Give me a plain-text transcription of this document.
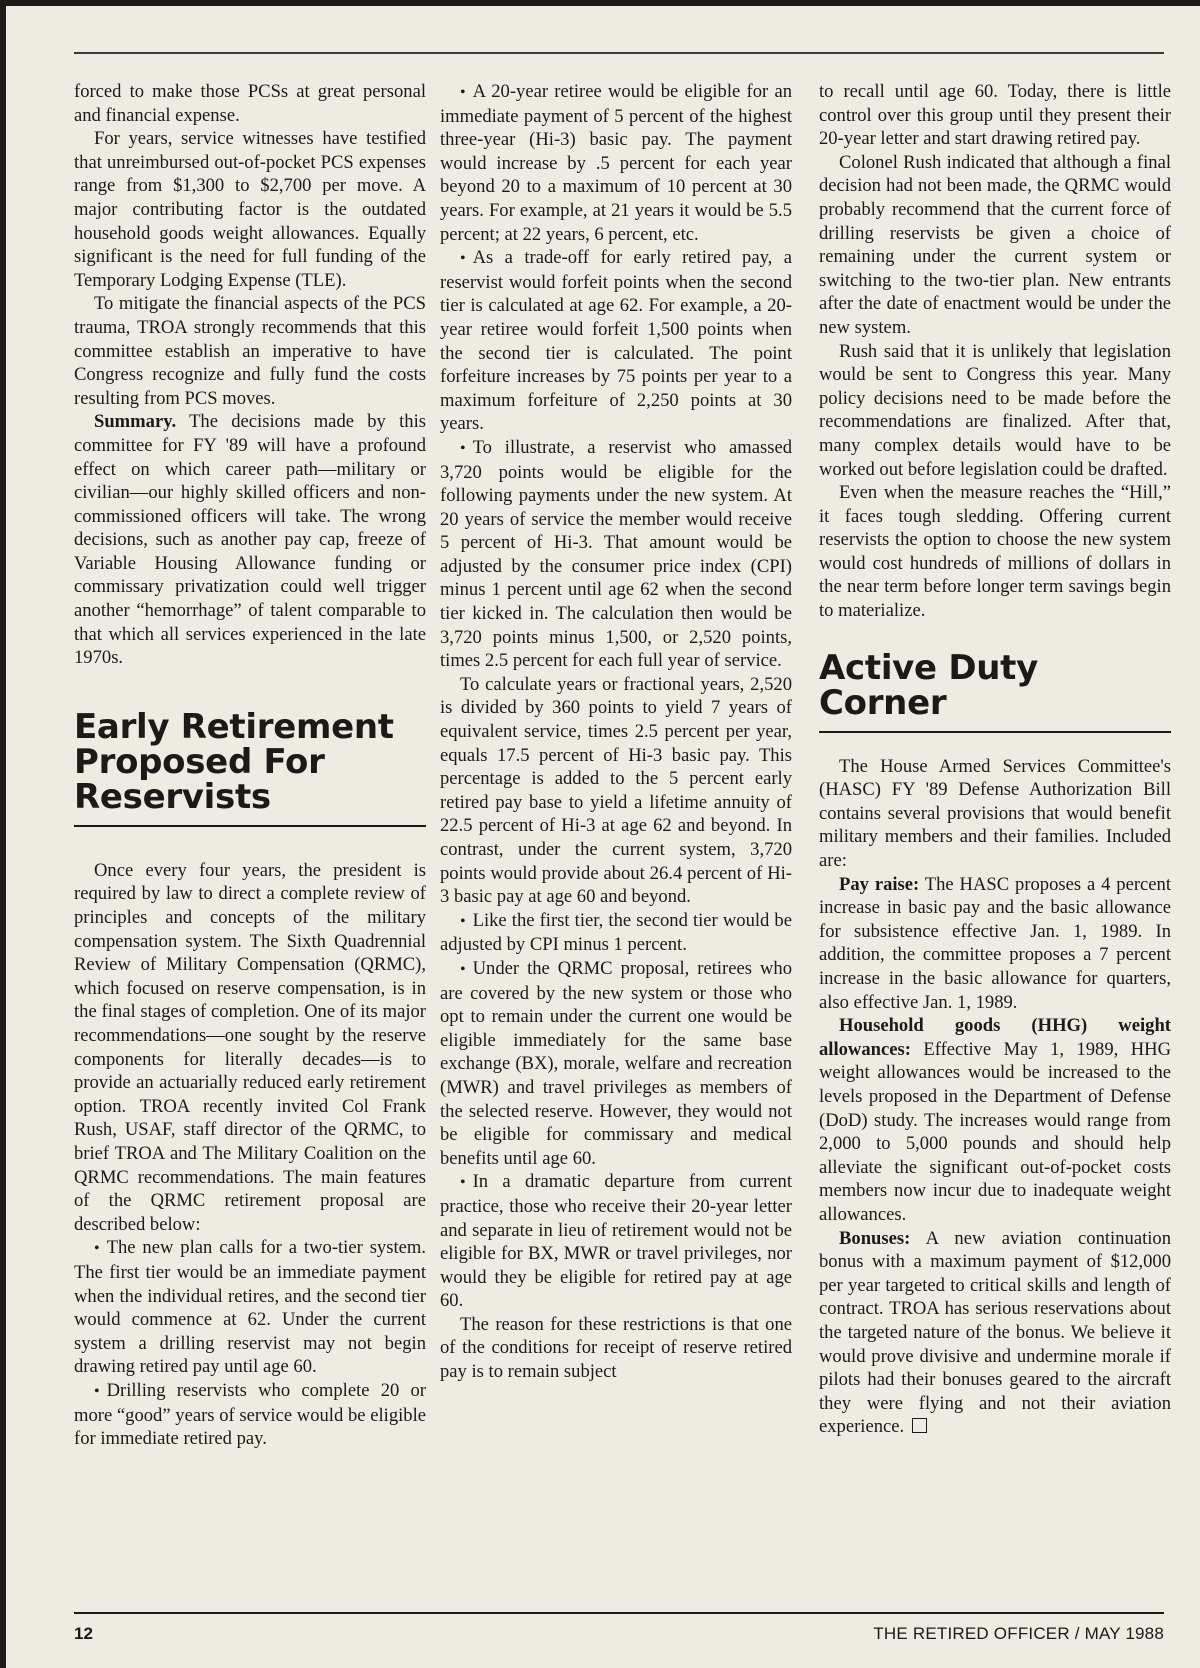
forced to make those PCSs at great personal and financial expense.

For years, service witnesses have testified that unreimbursed out-of-pocket PCS expenses range from $1,300 to $2,700 per move. A major contributing factor is the outdated household goods weight allowances. Equally significant is the need for full funding of the Temporary Lodging Expense (TLE).

To mitigate the financial aspects of the PCS trauma, TROA strongly recommends that this committee establish an imperative to have Congress recognize and fully fund the costs resulting from PCS moves.

Summary. The decisions made by this committee for FY '89 will have a profound effect on which career path—military or civilian—our highly skilled officers and non-commissioned officers will take. The wrong decisions, such as another pay cap, freeze of Variable Housing Allowance funding or commissary privatization could well trigger another “hemorrhage” of talent comparable to that which all services experienced in the late 1970s.

Early Retirement Proposed For Reservists

Once every four years, the president is required by law to direct a complete review of principles and concepts of the military compensation system. The Sixth Quadrennial Review of Military Compensation (QRMC), which focused on reserve compensation, is in the final stages of completion. One of its major recommendations—one sought by the reserve components for literally decades—is to provide an actuarially reduced early retirement option. TROA recently invited Col Frank Rush, USAF, staff director of the QRMC, to brief TROA and The Military Coalition on the QRMC recommendations. The main features of the QRMC retirement proposal are described below:

• The new plan calls for a two-tier system. The first tier would be an immediate payment when the individual retires, and the second tier would commence at 62. Under the current system a drilling reservist may not begin drawing retired pay until age 60.

• Drilling reservists who complete 20 or more “good” years of service would be eligible for immediate retired pay.

• A 20-year retiree would be eligible for an immediate payment of 5 percent of the highest three-year (Hi-3) basic pay. The payment would increase by .5 percent for each year beyond 20 to a maximum of 10 percent at 30 years. For example, at 21 years it would be 5.5 percent; at 22 years, 6 percent, etc.

• As a trade-off for early retired pay, a reservist would forfeit points when the second tier is calculated at age 62. For example, a 20-year retiree would forfeit 1,500 points when the second tier is calculated. The point forfeiture increases by 75 points per year to a maximum forfeiture of 2,250 points at 30 years.

• To illustrate, a reservist who amassed 3,720 points would be eligible for the following payments under the new system. At 20 years of service the member would receive 5 percent of Hi-3. That amount would be adjusted by the consumer price index (CPI) minus 1 percent until age 62 when the second tier kicked in. The calculation then would be 3,720 points minus 1,500, or 2,520 points, times 2.5 percent for each full year of service.

To calculate years or fractional years, 2,520 is divided by 360 points to yield 7 years of equivalent service, times 2.5 percent per year, equals 17.5 percent of Hi-3 basic pay. This percentage is added to the 5 percent early retired pay base to yield a lifetime annuity of 22.5 percent of Hi-3 at age 62 and beyond. In contrast, under the current system, 3,720 points would provide about 26.4 percent of Hi-3 basic pay at age 60 and beyond.

• Like the first tier, the second tier would be adjusted by CPI minus 1 percent.

• Under the QRMC proposal, retirees who are covered by the new system or those who opt to remain under the current one would be eligible immediately for the same base exchange (BX), morale, welfare and recreation (MWR) and travel privileges as members of the selected reserve. However, they would not be eligible for commissary and medical benefits until age 60.

• In a dramatic departure from current practice, those who receive their 20-year letter and separate in lieu of retirement would not be eligible for BX, MWR or travel privileges, nor would they be eligible for retired pay at age 60.

The reason for these restrictions is that one of the conditions for receipt of reserve retired pay is to remain subject

to recall until age 60. Today, there is little control over this group until they present their 20-year letter and start drawing retired pay.

Colonel Rush indicated that although a final decision had not been made, the QRMC would probably recommend that the current force of drilling reservists be given a choice of remaining under the current system or switching to the two-tier plan. New entrants after the date of enactment would be under the new system.

Rush said that it is unlikely that legislation would be sent to Congress this year. Many policy decisions need to be made before the recommendations are finalized. After that, many complex details would have to be worked out before legislation could be drafted.

Even when the measure reaches the “Hill,” it faces tough sledding. Offering current reservists the option to choose the new system would cost hundreds of millions of dollars in the near term before longer term savings begin to materialize.

Active Duty Corner

The House Armed Services Committee's (HASC) FY '89 Defense Authorization Bill contains several provisions that would benefit military members and their families. Included are:

Pay raise: The HASC proposes a 4 percent increase in basic pay and the basic allowance for subsistence effective Jan. 1, 1989. In addition, the committee proposes a 7 percent increase in the basic allowance for quarters, also effective Jan. 1, 1989.

Household goods (HHG) weight allowances: Effective May 1, 1989, HHG weight allowances would be increased to the levels proposed in the Department of Defense (DoD) study. The increases would range from 2,000 to 5,000 pounds and should help alleviate the significant out-of-pocket costs members now incur due to inadequate weight allowances.

Bonuses: A new aviation continuation bonus with a maximum payment of $12,000 per year targeted to critical skills and length of contract. TROA has serious reservations about the targeted nature of the bonus. We believe it would prove divisive and undermine morale if pilots had their bonuses geared to the aircraft they were flying and not their aviation experience.

12	THE RETIRED OFFICER / MAY 1988
